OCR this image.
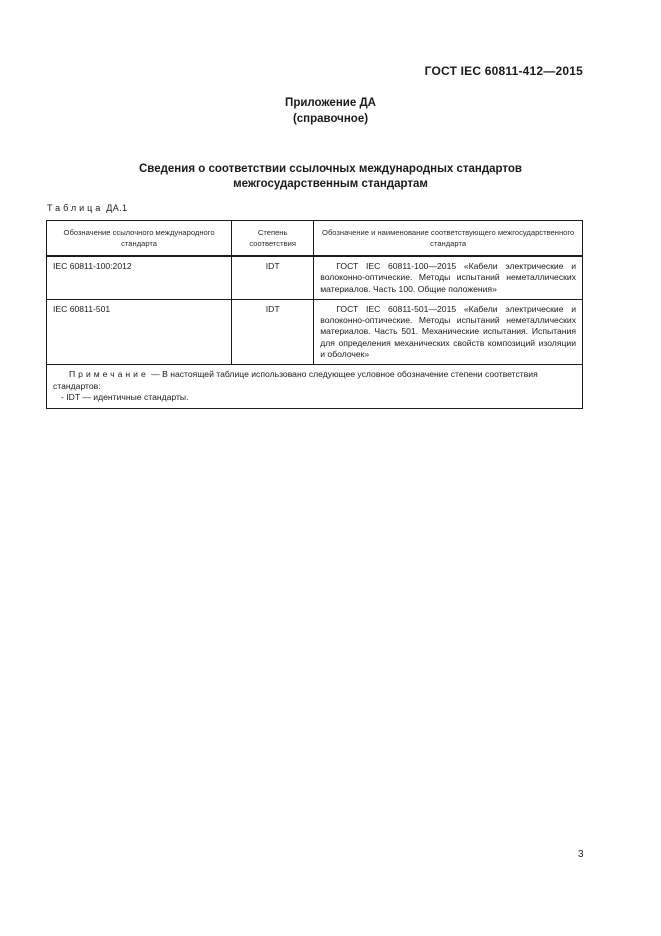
ГОСТ IEC 60811-412—2015
Приложение ДА
(справочное)
Сведения о соответствии ссылочных международных стандартов
межгосударственным стандартам
Таблица ДА.1
Обозначение ссылочного международного стандарта	Степень соответствия	Обозначение и наименование соответствующего межгосударственного стандарта
IEC 60811-100:2012	IDT	ГОСТ IEC 60811-100—2015 «Кабели электрические и волоконно-оптические. Методы испытаний неметаллических материалов. Часть 100. Общие положения»
IEC 60811-501	IDT	ГОСТ IEC 60811-501—2015 «Кабели электрические и волоконно-оптические. Методы испытаний неметаллических материалов. Часть 501. Механические испытания. Испытания для определения механических свойств композиций изоляции и оболочек»

Примечание — В настоящей таблице использовано следующее условное обозначение степени соответствия стандартов:
- IDT — идентичные стандарты.		
3
